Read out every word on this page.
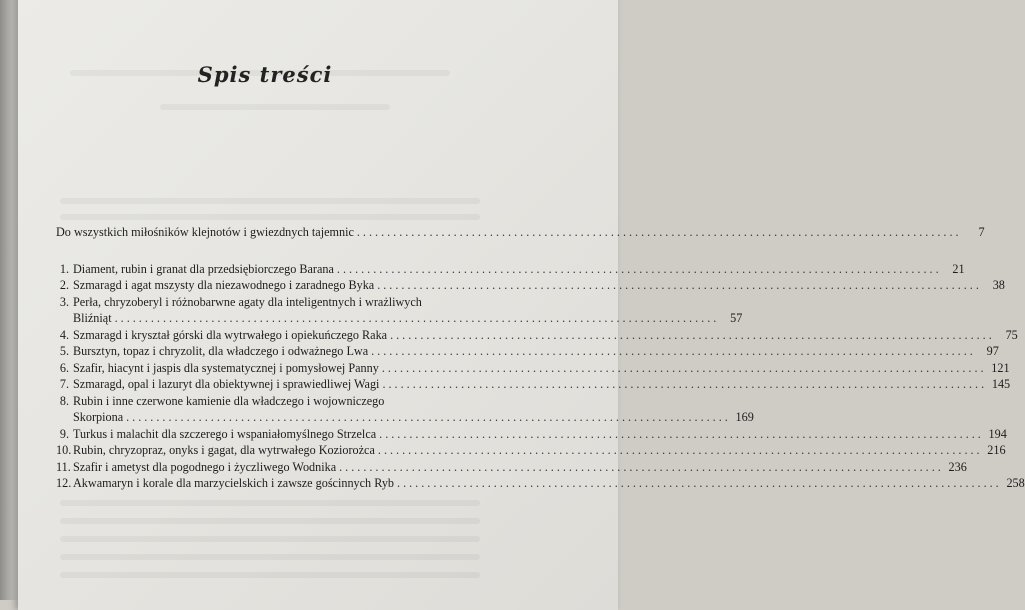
Spis treści
Do wszystkich miłośników klejnotów i gwiezdnych tajemnic .....	7
1. Diament, rubin i granat dla przedsiębiorczego Barana .....	21
2. Szmaragd i agat mszysty dla niezawodnego i zaradnego Byka .....	38
3. Perła, chryzoberyl i różnobarwne agaty dla inteligentnych i wrażliwych
Bliźniąt .....	57
4. Szmaragd i kryształ górski dla wytrwałego i opiekuńczego Raka .....	75
5. Bursztyn, topaz i chryzolit, dla władczego i odważnego Lwa .....	97
6. Szafir, hiacynt i jaspis dla systematycznej i pomysłowej Panny .....	121
7. Szmaragd, opal i lazuryt dla obiektywnej i sprawiedliwej Wagi .....	145
8. Rubin i inne czerwone kamienie dla władczego i wojowniczego
Skorpiona .....	169
9. Turkus i malachit dla szczerego i wspaniałomyślnego Strzelca .....	194
10. Rubin, chryzopraz, onyks i gagat, dla wytrwałego Koziorożca .....	216
11. Szafir i ametyst dla pogodnego i życzliwego Wodnika .....	236
12. Akwamaryn i korale dla marzycielskich i zawsze gościnnych Ryb .....	258
